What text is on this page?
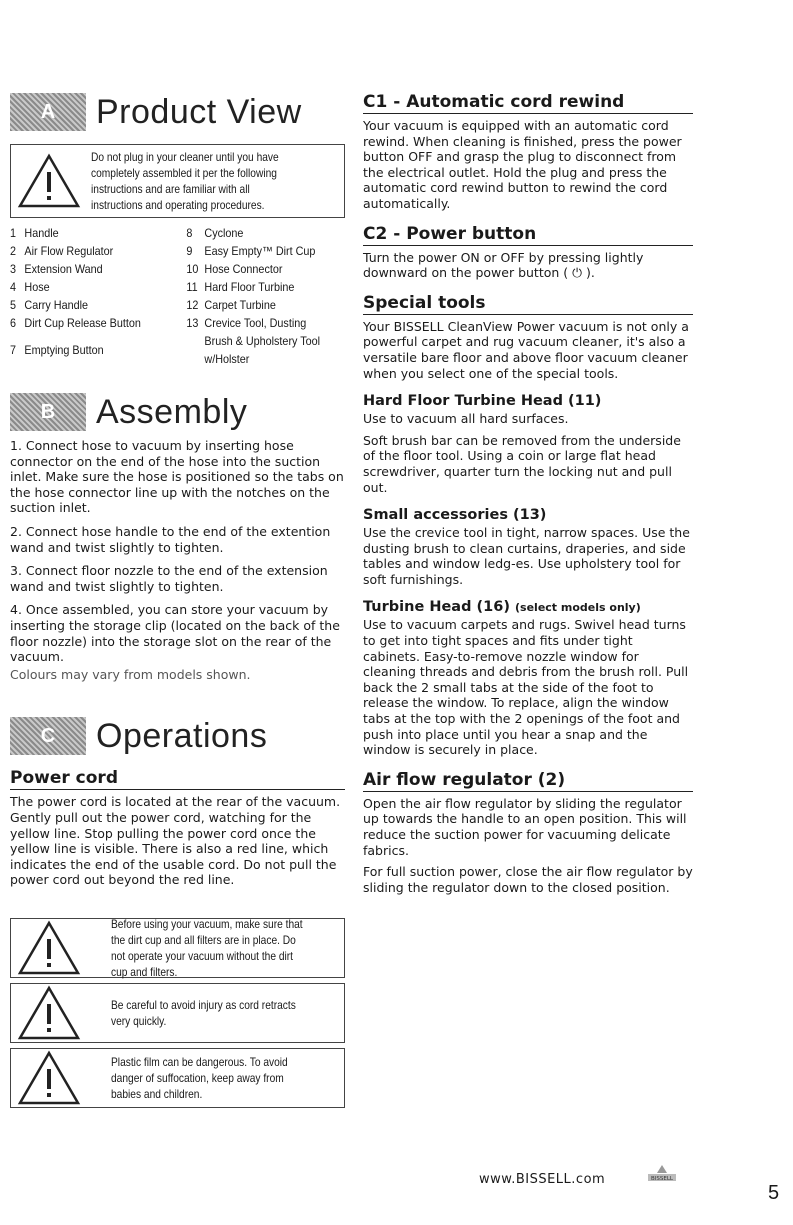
A Product View
Do not plug in your cleaner until you have completely assembled it per the following instructions and are familiar with all instructions and operating procedures.
1 Handle	8 Cyclone
2 Air Flow Regulator	9 Easy Empty™ Dirt Cup
3 Extension Wand	10 Hose Connector
4 Hose	11 Hard Floor Turbine
5 Carry Handle	12 Carpet Turbine
6 Dirt Cup Release Button	13 Crevice Tool, Dusting Brush & Upholstery Tool w/Holster
7 Emptying Button
B Assembly

1. Connect hose to vacuum by inserting hose connector on the end of the hose into the suction inlet. Make sure the hose is positioned so the tabs on the hose connector line up with the notches on the suction inlet.

2. Connect hose handle to the end of the extention wand and twist slightly to tighten.

3. Connect floor nozzle to the end of the extension wand and twist slightly to tighten.

4. Once assembled, you can store your vacuum by inserting the storage clip (located on the back of the floor nozzle) into the storage slot on the rear of the vacuum.

Colours may vary from models shown.

C Operations
Power cord

The power cord is located at the rear of the vacuum. Gently pull out the power cord, watching for the yellow line. Stop pulling the power cord once the yellow line is visible. There is also a red line, which indicates the end of the usable cord. Do not pull the power cord out beyond the red line.

Before using your vacuum, make sure that the dirt cup and all filters are in place. Do not operate your vacuum without the dirt cup and filters.
Be careful to avoid injury as cord retracts very quickly.
Plastic film can be dangerous. To avoid danger of suffocation, keep away from babies and children.
C1 - Automatic cord rewind

Your vacuum is equipped with an automatic cord rewind. When cleaning is finished, press the power button OFF and grasp the plug to disconnect from the electrical outlet. Hold the plug and press the automatic cord rewind button to rewind the cord automatically.

C2 - Power button

Turn the power ON or OFF by pressing lightly downward on the power button ( ⏻ ).

Special tools

Your BISSELL CleanView Power vacuum is not only a powerful carpet and rug vacuum cleaner, it's also a versatile bare floor and above floor vacuum cleaner when you select one of the special tools.

Hard Floor Turbine Head (11)

Use to vacuum all hard surfaces.

Soft brush bar can be removed from the underside of the floor tool. Using a coin or large flat head screwdriver, quarter turn the locking nut and pull out.

Small accessories (13)

Use the crevice tool in tight, narrow spaces. Use the dusting brush to clean curtains, draperies, and side tables and window ledg-es. Use upholstery tool for soft furnishings.

Turbine Head (16) (select models only)

Use to vacuum carpets and rugs. Swivel head turns to get into tight spaces and fits under tight cabinets. Easy-to-remove nozzle window for cleaning threads and debris from the brush roll. Pull back the 2 small tabs at the side of the foot to release the window. To replace, align the window tabs at the top with the 2 openings of the foot and push into place until you hear a snap and the window is securely in place.

Air flow regulator (2)

Open the air flow regulator by sliding the regulator up towards the handle to an open position. This will reduce the suction power for vacuuming delicate fabrics.

For full suction power, close the air flow regulator by sliding the regulator down to the closed position.

www.BISSELL.com	BISSELL
5
